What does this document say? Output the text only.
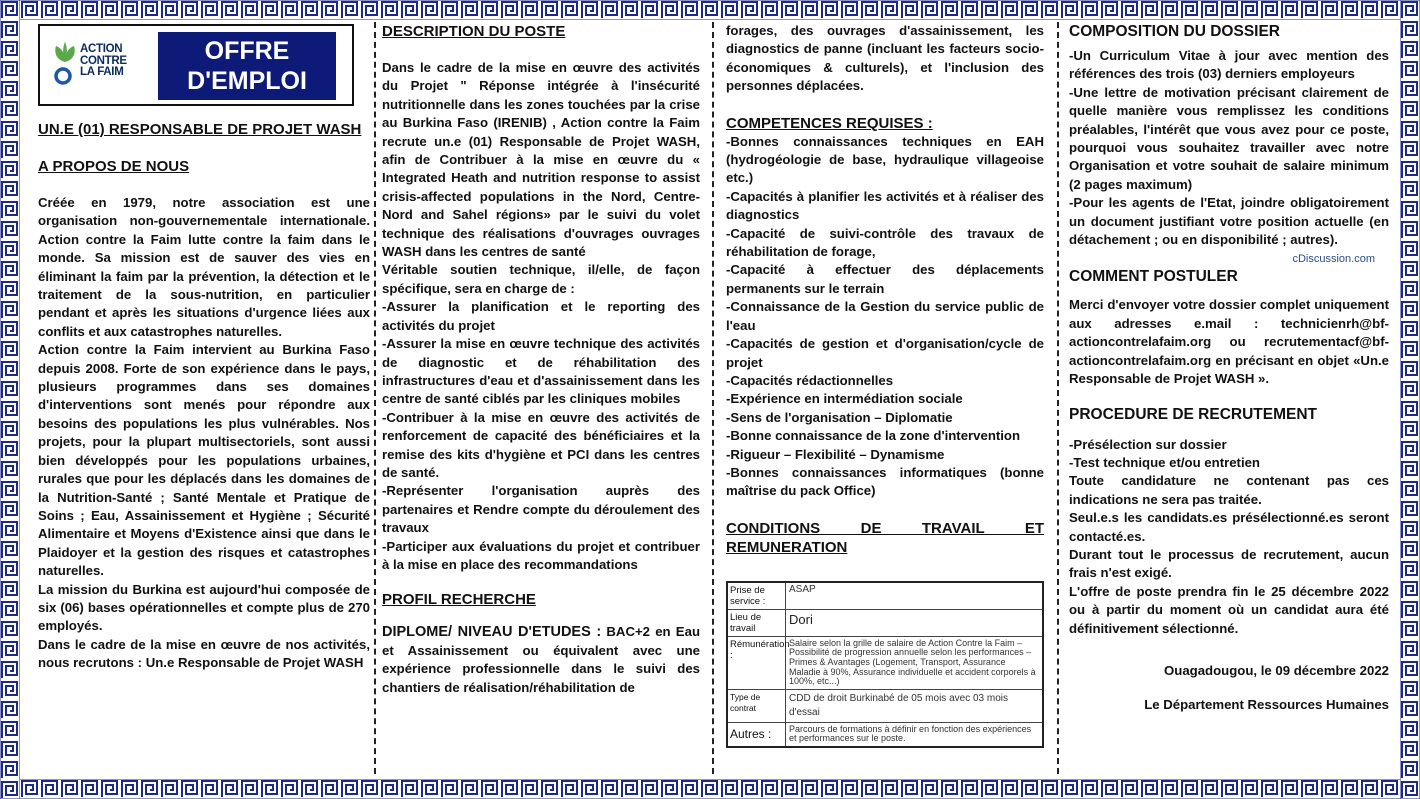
ACTION
CONTRE
LA FAIM
OFFRE
D'EMPLOI
UN.E (01) RESPONSABLE DE PROJET WASH
A PROPOS DE NOUS

Créée en 1979, notre association est une organisation non-gouvernementale internationale. Action contre la Faim lutte contre la faim dans le monde. Sa mission est de sauver des vies en éliminant la faim par la prévention, la détection et le traitement de la sous-nutrition, en particulier pendant et après les situations d'urgence liées aux conflits et aux catastrophes naturelles.

Action contre la Faim intervient au Burkina Faso depuis 2008. Forte de son expérience dans le pays, plusieurs programmes dans ses domaines d'interventions sont menés pour répondre aux besoins des populations les plus vulnérables. Nos projets, pour la plupart multisectoriels, sont aussi bien développés pour les populations urbaines, rurales que pour les déplacés dans les domaines de la Nutrition-Santé ; Santé Mentale et Pratique de Soins ; Eau, Assainissement et Hygiène ; Sécurité Alimentaire et Moyens d'Existence ainsi que dans le Plaidoyer et la gestion des risques et catastrophes naturelles.

La mission du Burkina est aujourd'hui composée de six (06) bases opérationnelles et compte plus de 270 employés.

Dans le cadre de la mise en œuvre de nos activités, nous recrutons : Un.e Responsable de Projet WASH

DESCRIPTION DU POSTE

Dans le cadre de la mise en œuvre des activités du Projet " Réponse intégrée à l'insécurité nutritionnelle dans les zones touchées par la crise au Burkina Faso (IRENIB) , Action contre la Faim recrute un.e (01) Responsable de Projet WASH, afin de Contribuer à la mise en œuvre du « Integrated Heath and nutrition response to assist crisis-affected populations in the Nord, Centre-Nord and Sahel régions» par le suivi du volet technique des réalisations d'ouvrages ouvrages WASH dans les centres de santé

Véritable soutien technique, il/elle, de façon spécifique, sera en charge de :

-Assurer la planification et le reporting des activités du projet
-Assurer la mise en œuvre technique des activités de diagnostic et de réhabilitation des infrastructures d'eau et d'assainissement dans les centre de santé ciblés par les cliniques mobiles
-Contribuer à la mise en œuvre des activités de renforcement de capacité des bénéficiaires et la remise des kits d'hygiène et PCI dans les centres de santé.
-Représenter l'organisation auprès des partenaires et Rendre compte du déroulement des travaux
-Participer aux évaluations du projet et contribuer à la mise en place des recommandations
PROFIL RECHERCHE

DIPLOME/ NIVEAU D'ETUDES : BAC+2 en Eau et Assainissement ou équivalent avec une expérience professionnelle dans le suivi des chantiers de réalisation/réhabilitation de

forages, des ouvrages d'assainissement, les diagnostics de panne (incluant les facteurs socio-économiques & culturels), et l'inclusion des personnes déplacées.

COMPETENCES REQUISES :
-Bonnes connaissances techniques en EAH (hydrogéologie de base, hydraulique villageoise etc.)
-Capacités à planifier les activités et à réaliser des diagnostics
-Capacité de suivi-contrôle des travaux de réhabilitation de forage,
-Capacité à effectuer des déplacements permanents sur le terrain
-Connaissance de la Gestion du service public de l'eau
-Capacités de gestion et d'organisation/cycle de projet
-Capacités rédactionnelles
-Expérience en intermédiation sociale
-Sens de l'organisation – Diplomatie
-Bonne connaissance de la zone d'intervention
-Rigueur – Flexibilité – Dynamisme
-Bonnes connaissances informatiques (bonne maîtrise du pack Office)
CONDITIONS DE TRAVAIL ET REMUNERATION
Prise de service :
ASAP
Lieu de travail
Dori
Rémunération :
Salaire selon la grille de salaire de Action Contre la Faim – Possibilité de progression annuelle selon les performances – Primes & Avantages (Logement, Transport, Assurance Maladie à 90%, Assurance individuelle et accident corporels à 100%, etc...)
Type de contrat
CDD de droit Burkinabé de 05 mois avec 03 mois d'essai
Autres :	Parcours de formations à définir en fonction des expériences et performances sur le poste.
COMPOSITION DU DOSSIER
-Un Curriculum Vitae à jour avec mention des références des trois (03) derniers employeurs
-Une lettre de motivation précisant clairement de quelle manière vous remplissez les conditions préalables, l'intérêt que vous avez pour ce poste, pourquoi vous souhaitez travailler avec notre Organisation et votre souhait de salaire minimum (2 pages maximum)
-Pour les agents de l'Etat, joindre obligatoirement un document justifiant votre position actuelle (en détachement ; ou en disponibilité ; autres).
cDiscussion.com
COMMENT POSTULER

Merci d'envoyer votre dossier complet uniquement aux adresses e.mail : technicienrh@bf-actioncontrelafaim.org ou recrutementacf@bf-actioncontrelafaim.org en précisant en objet «Un.e Responsable de Projet WASH ».

PROCEDURE DE RECRUTEMENT
-Présélection sur dossier
-Test technique et/ou entretien
Toute candidature ne contenant pas ces indications ne sera pas traitée.
Seul.e.s les candidats.es présélectionné.es seront contacté.es.
Durant tout le processus de recrutement, aucun frais n'est exigé.
L'offre de poste prendra fin le 25 décembre 2022 ou à partir du moment où un candidat aura été définitivement sélectionné.
Ouagadougou, le 09 décembre 2022
Le Département Ressources Humaines
